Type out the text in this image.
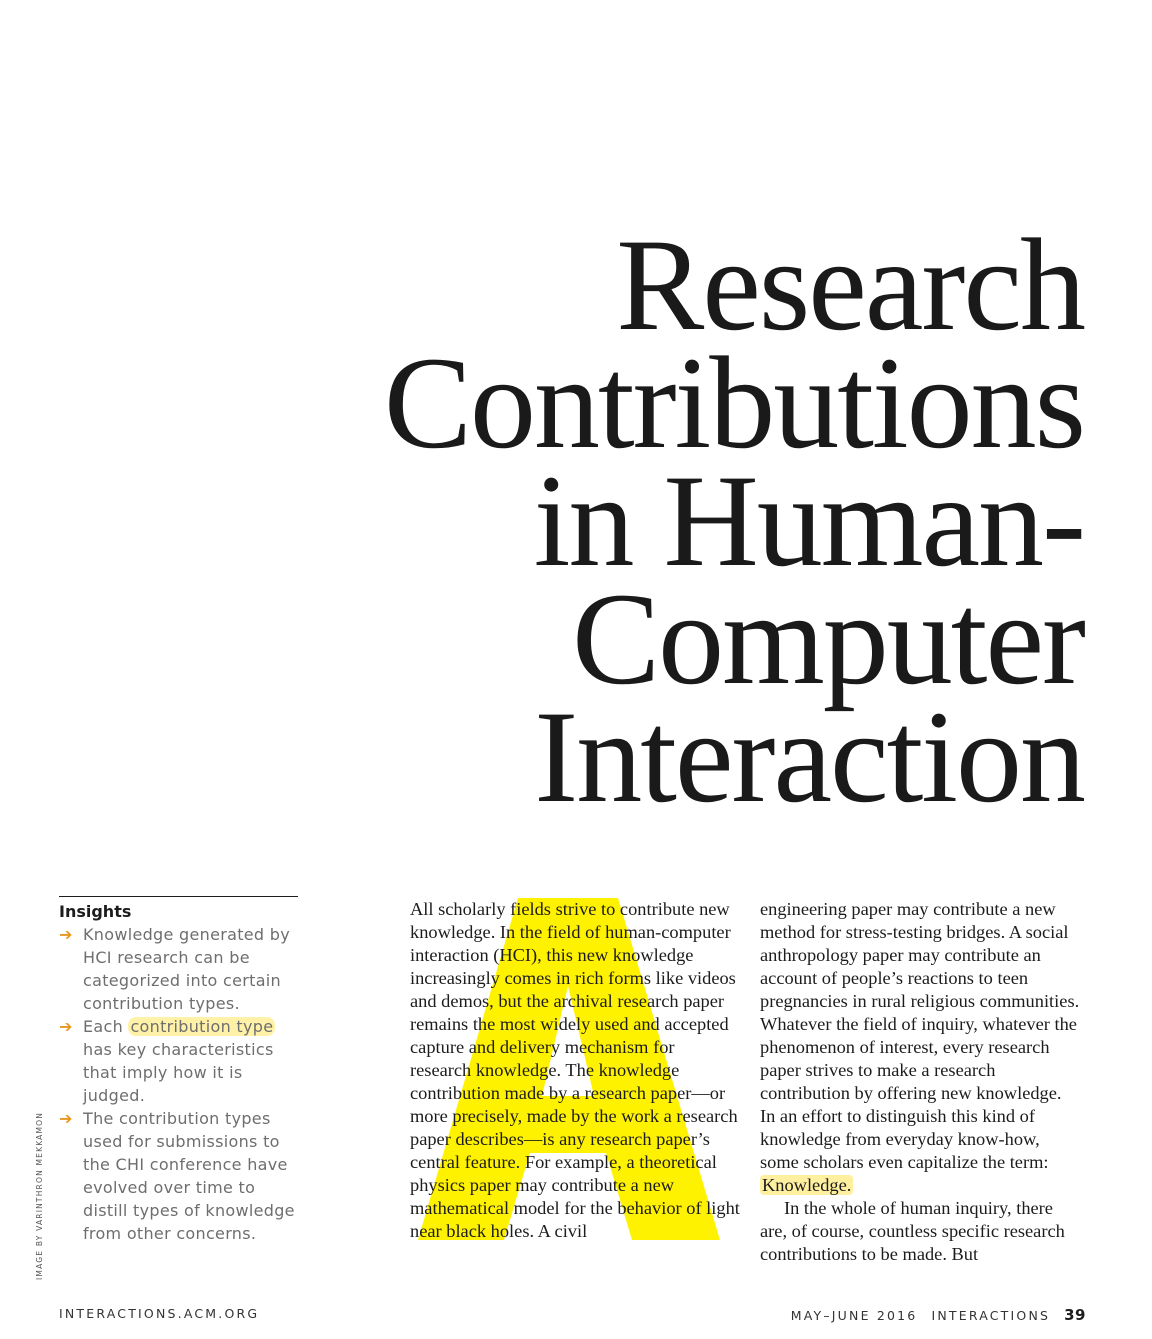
Research
Contributions
in Human-
Computer
Interaction
Insights
➔ Knowledge generated by HCI research can be categorized into certain contribution types.
➔ Each contribution type has key characteristics that imply how it is judged.
➔ The contribution types used for submissions to the CHI conference have evolved over time to distill types of knowledge from other concerns.
IMAGE BY VARINTHRON MEKKAMON

All scholarly fields strive to contribute new knowledge. In the field of human-computer interaction (HCI), this new knowledge increasingly comes in rich forms like videos and demos, but the archival research paper remains the most widely used and accepted capture and delivery mechanism for research knowledge. The knowledge contribution made by a research paper—or more precisely, made by the work a research paper describes—is any research paper’s central feature. For example, a theoretical physics paper may contribute a new mathematical model for the behavior of light near black holes. A civil

engineering paper may contribute a new method for stress-testing bridges. A social anthropology paper may contribute an account of people’s reactions to teen pregnancies in rural religious communities. Whatever the field of inquiry, whatever the phenomenon of interest, every research paper strives to make a research contribution by offering new knowledge. In an effort to distinguish this kind of knowledge from everyday know-how, some scholars even capitalize the term: Knowledge.

In the whole of human inquiry, there are, of course, countless specific research contributions to be made. But

INTERACTIONS.ACM.ORG	MAY–JUNE 2016 INTERACTIONS 39
